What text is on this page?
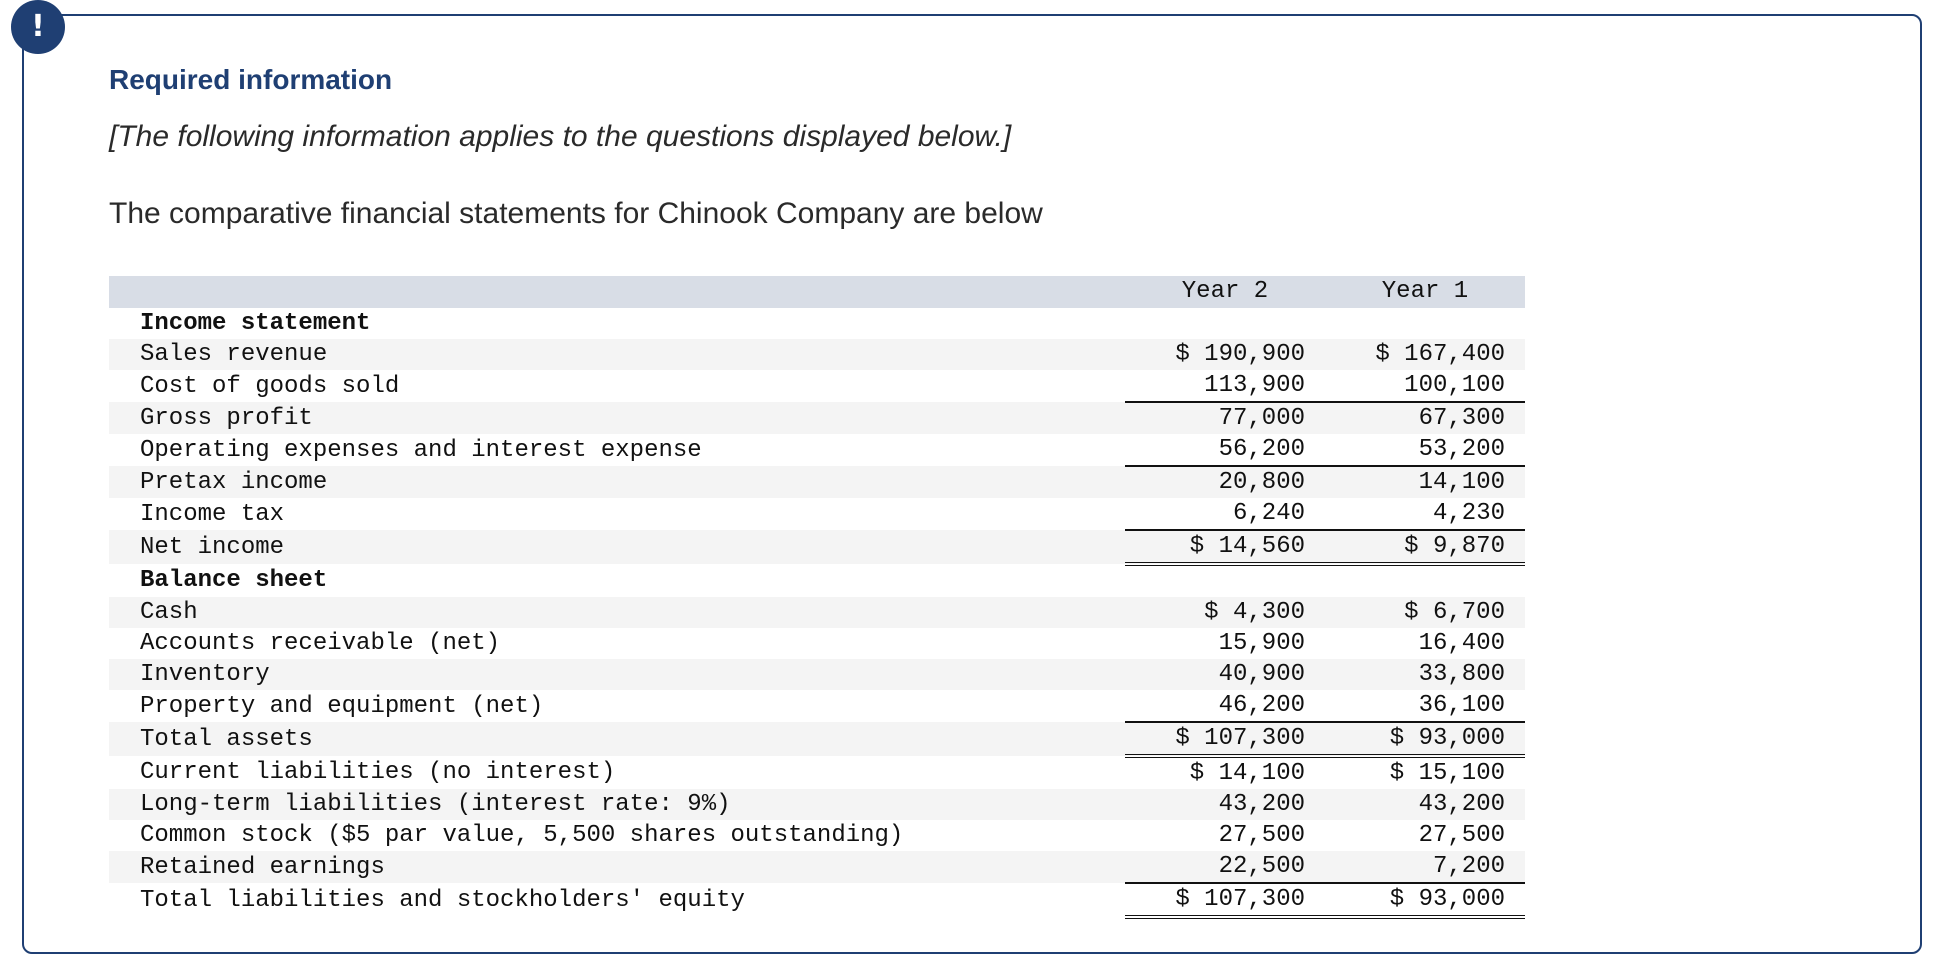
!
Required information

[The following information applies to the questions displayed below.]

The comparative financial statements for Chinook Company are below

	Year 2	Year 1
Income statement		
Sales revenue	$ 190,900	$ 167,400
Cost of goods sold	113,900	100,100
Gross profit	77,000	67,300
Operating expenses and interest expense	56,200	53,200
Pretax income	20,800	14,100
Income tax	6,240	4,230
Net income	$ 14,560	$ 9,870
Balance sheet		
Cash	$ 4,300	$ 6,700
Accounts receivable (net)	15,900	16,400
Inventory	40,900	33,800
Property and equipment (net)	46,200	36,100
Total assets	$ 107,300	$ 93,000
Current liabilities (no interest)	$ 14,100	$ 15,100
Long-term liabilities (interest rate: 9%)	43,200	43,200
Common stock ($5 par value, 5,500 shares outstanding)	27,500	27,500
Retained earnings	22,500	7,200
Total liabilities and stockholders' equity	$ 107,300	$ 93,000
